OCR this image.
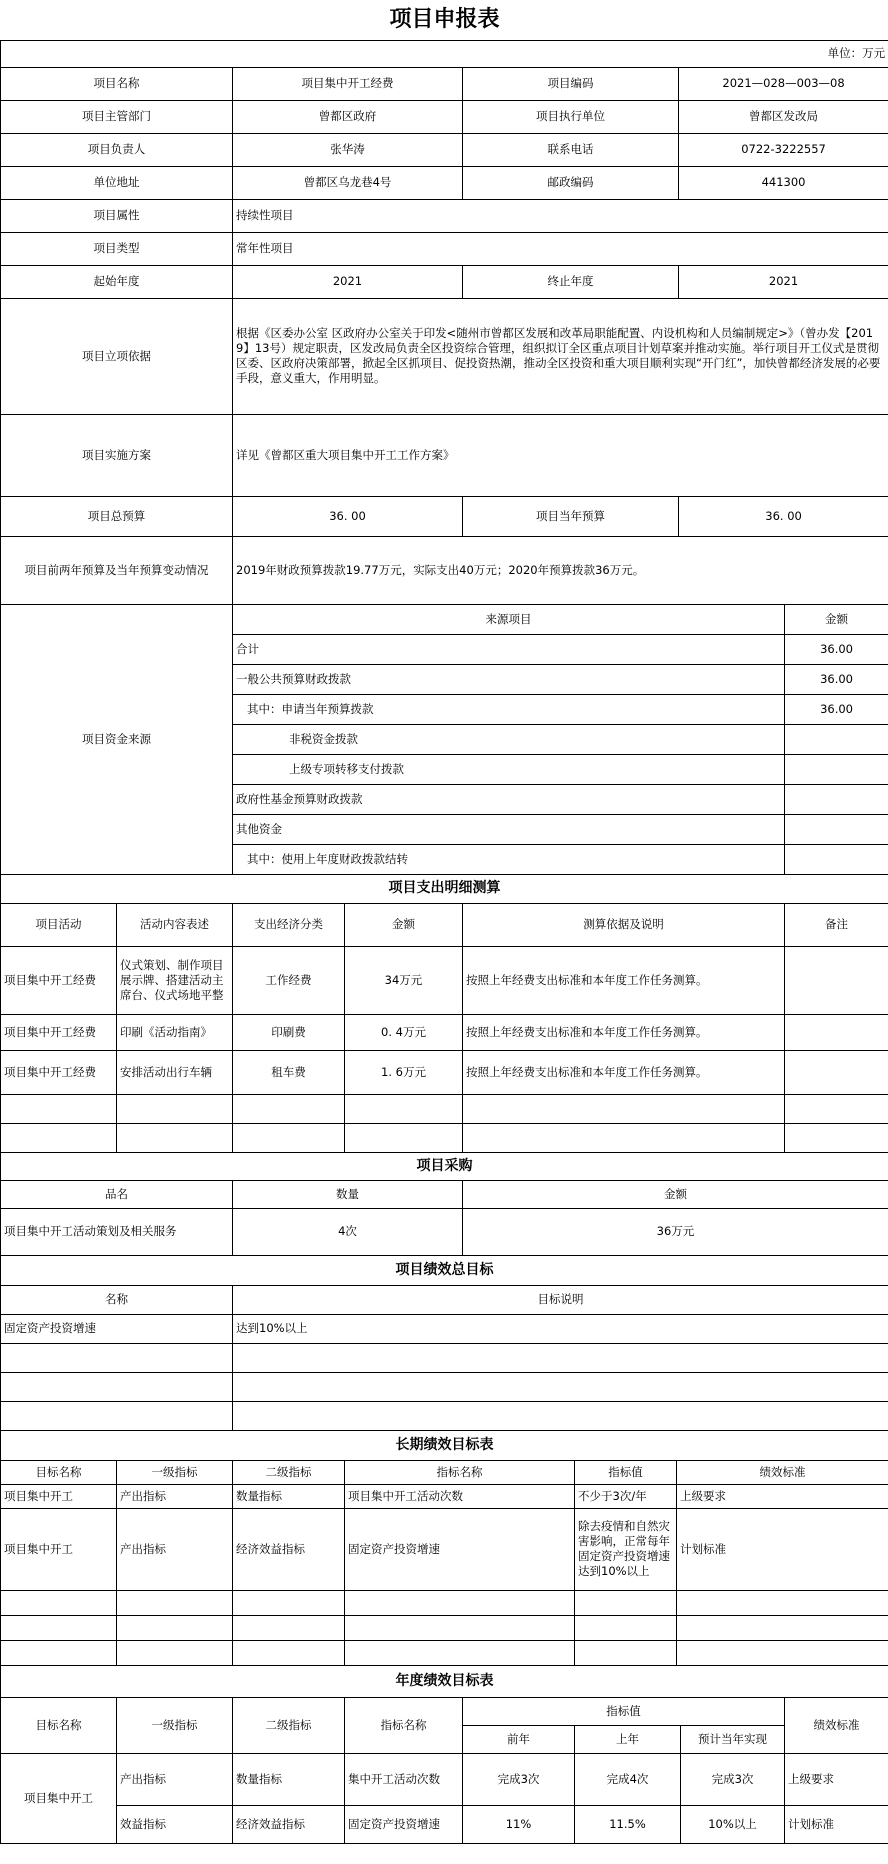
项目申报表				
单位：万元				
项目名称	项目集中开工经费	项目编码	2021—028—003—08	
项目主管部门	曾都区政府	项目执行单位	曾都区发改局	
项目负责人	张华涛	联系电话	0722-3222557	
单位地址	曾都区乌龙巷4号	邮政编码	441300	
项目属性	持续性项目			
项目类型	常年性项目			
起始年度	2021	终止年度	2021	
项目立项依据	根据《区委办公室 区政府办公室关于印发<随州市曾都区发展和改革局职能配置、内设机构和人员编制规定>》（曾办发【2019】13号）规定职责，区发改局负责全区投资综合管理，组织拟订全区重点项目计划草案并推动实施。举行项目开工仪式是贯彻区委、区政府决策部署，掀起全区抓项目、促投资热潮，推动全区投资和重大项目顺利实现“开门红”，加快曾都经济发展的必要手段，意义重大，作用明显。			
项目实施方案	详见《曾都区重大项目集中开工工作方案》			
项目总预算	36. 00	项目当年预算	36. 00	
项目前两年预算及当年预算变动情况	2019年财政预算拨款19.77万元，实际支出40万元；2020年预算拨款36万元。			
项目资金来源	来源项目			金额
	合计			36.00
	一般公共预算财政拨款			36.00
	其中：申请当年预算拨款			36.00
	非税资金拨款			
	上级专项转移支付拨款			
	政府性基金预算财政拨款			
	其他资金			
	其中：使用上年度财政拨款结转			
项目支出明细测算					
项目活动	活动内容表述	支出经济分类	金额	测算依据及说明	备注
项目集中开工经费	仪式策划、制作项目展示牌、搭建活动主席台、仪式场地平整	工作经费	34万元	按照上年经费支出标准和本年度工作任务测算。	
项目集中开工经费	印刷《活动指南》	印刷费	0. 4万元	按照上年经费支出标准和本年度工作任务测算。	
项目集中开工经费	安排活动出行车辆	租车费	1. 6万元	按照上年经费支出标准和本年度工作任务测算。	

项目采购		
品名	数量	金额
项目集中开工活动策划及相关服务	4次	36万元
项目绩效总目标	
名称	目标说明
固定资产投资增速	达到10%以上

长期绩效目标表					
目标名称	一级指标	二级指标	指标名称	指标值	绩效标准
项目集中开工	产出指标	数量指标	项目集中开工活动次数	不少于3次/年	上级要求
项目集中开工	产出指标	经济效益指标	固定资产投资增速	除去疫情和自然灾害影响，正常每年固定资产投资增速达到10%以上	计划标准

年度绩效目标表							
目标名称	一级指标	二级指标	指标名称	指标值			绩效标准
				前年	上年	预计当年实现	
项目集中开工	产出指标	数量指标	集中开工活动次数	完成3次	完成4次	完成3次	上级要求
	效益指标	经济效益指标	固定资产投资增速	11%	11.5%	10%以上	计划标准
